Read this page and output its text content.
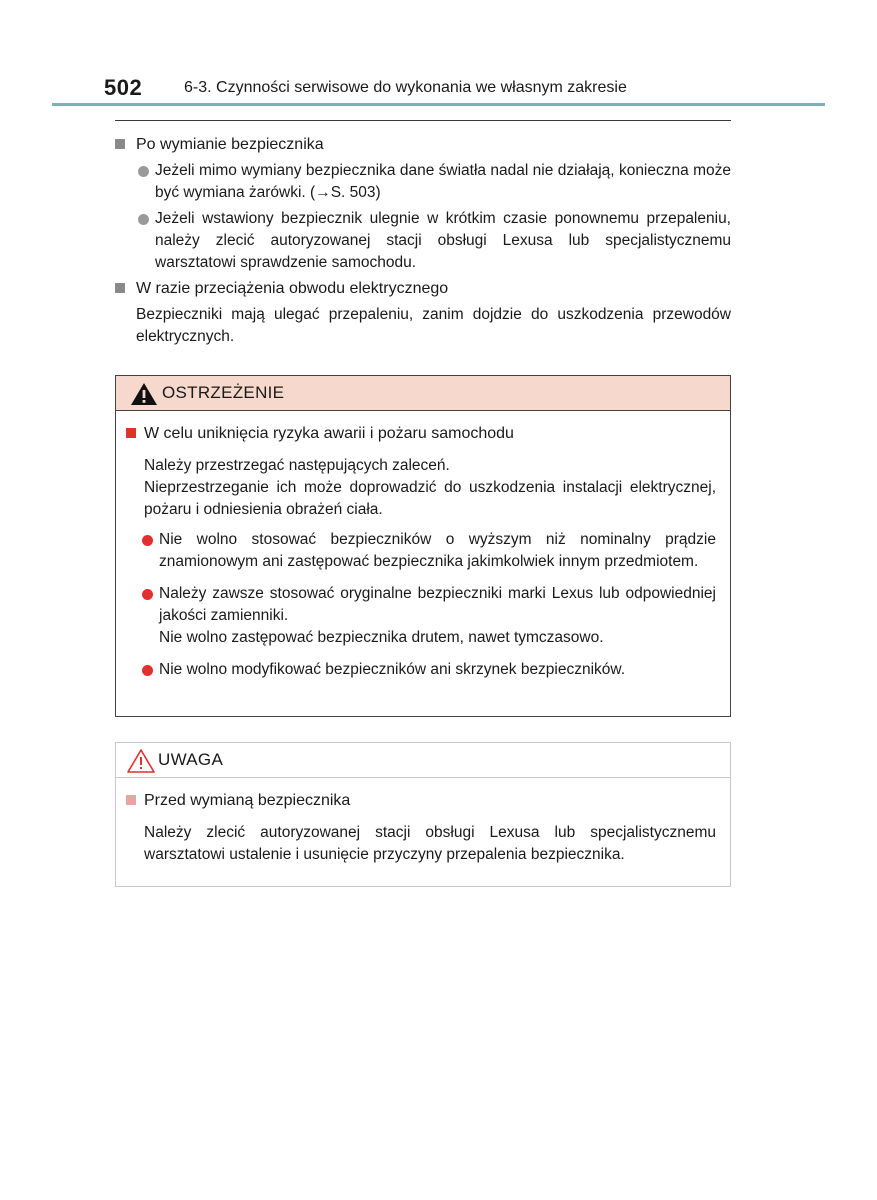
502	6-3. Czynności serwisowe do wykonania we własnym zakresie
Po wymianie bezpiecznika
Jeżeli mimo wymiany bezpiecznika dane światła nadal nie działają, konieczna może być wymiana żarówki. (→S. 503)
Jeżeli wstawiony bezpiecznik ulegnie w krótkim czasie ponownemu przepaleniu, należy zlecić autoryzowanej stacji obsługi Lexusa lub specjalistycznemu warsztatowi sprawdzenie samochodu.
W razie przeciążenia obwodu elektrycznego
Bezpieczniki mają ulegać przepaleniu, zanim dojdzie do uszkodzenia przewodów elektrycznych.
OSTRZEŻENIE
W celu uniknięcia ryzyka awarii i pożaru samochodu
Należy przestrzegać następujących zaleceń.
Nieprzestrzeganie ich może doprowadzić do uszkodzenia instalacji elektrycznej, pożaru i odniesienia obrażeń ciała.
Nie wolno stosować bezpieczników o wyższym niż nominalny prądzie znamionowym ani zastępować bezpiecznika jakimkolwiek innym przedmiotem.
Należy zawsze stosować oryginalne bezpieczniki marki Lexus lub odpowiedniej jakości zamienniki.
Nie wolno zastępować bezpiecznika drutem, nawet tymczasowo.
Nie wolno modyfikować bezpieczników ani skrzynek bezpieczników.
UWAGA
Przed wymianą bezpiecznika
Należy zlecić autoryzowanej stacji obsługi Lexusa lub specjalistycznemu warsztatowi ustalenie i usunięcie przyczyny przepalenia bezpiecznika.
